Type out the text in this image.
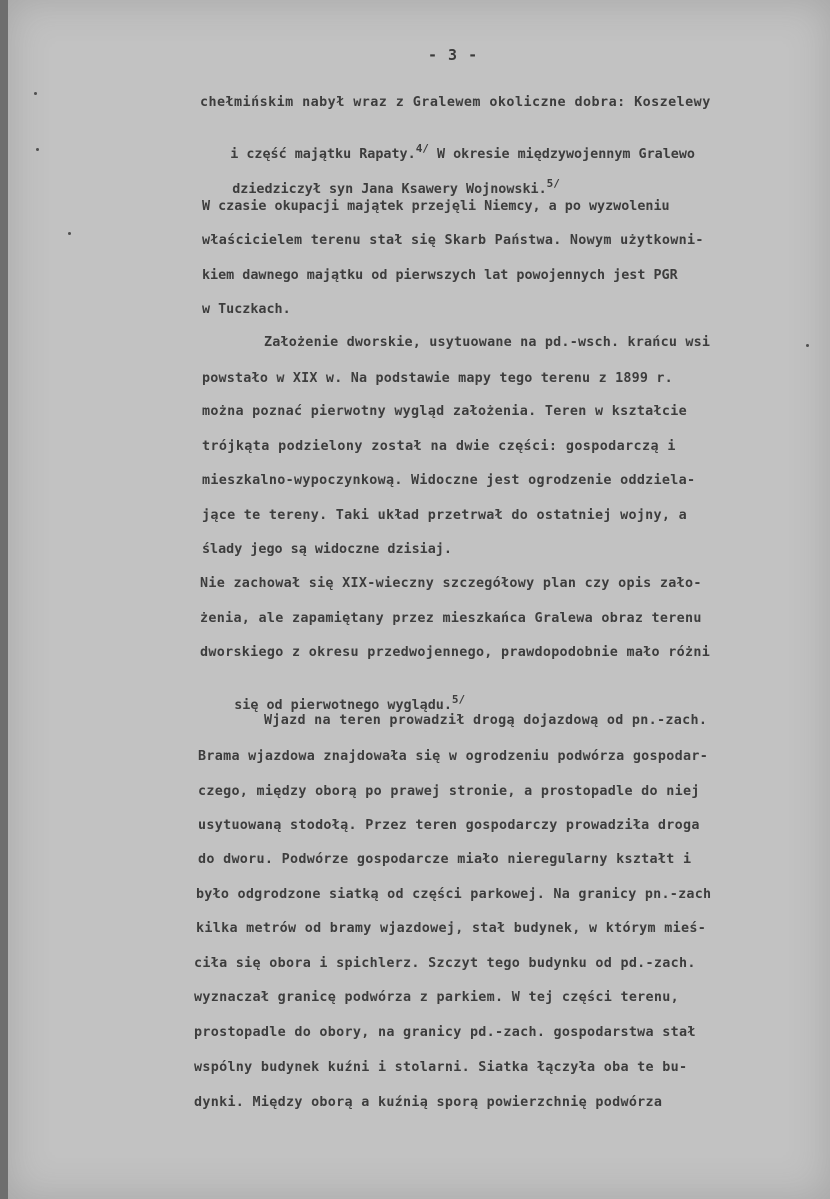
- 3 -
chełmińskim nabył wraz z Gralewem okoliczne dobra: Koszelewy

i część majątku Rapaty.$^{4/}$ W okresie międzywojennym Gralewo

dziedziczył syn Jana Ksawery Wojnowski.$^{5/}$

W czasie okupacji majątek przejęli Niemcy, a po wyzwoleniu
właścicielem terenu stał się Skarb Państwa. Nowym użytkowni-
kiem dawnego majątku od pierwszych lat powojennych jest PGR
w Tuczkach.
Założenie dworskie, usytuowane na pd.-wsch. krańcu wsi
powstało w XIX w. Na podstawie mapy tego terenu z 1899 r.
można poznać pierwotny wygląd założenia. Teren w kształcie
trójkąta podzielony został na dwie części: gospodarczą i
mieszkalno-wypoczynkową. Widoczne jest ogrodzenie oddziela-
jące te tereny. Taki układ przetrwał do ostatniej wojny, a
ślady jego są widoczne dzisiaj.
Nie zachował się XIX-wieczny szczegółowy plan czy opis zało-
żenia, ale zapamiętany przez mieszkańca Gralewa obraz terenu
dworskiego z okresu przedwojennego, prawdopodobnie mało różni

się od pierwotnego wyglądu.$^{5/}$

Wjazd na teren prowadził drogą dojazdową od pn.-zach.
Brama wjazdowa znajdowała się w ogrodzeniu podwórza gospodar-
czego, między oborą po prawej stronie, a prostopadle do niej
usytuowaną stodołą. Przez teren gospodarczy prowadziła droga
do dworu. Podwórze gospodarcze miało nieregularny kształt i
było odgrodzone siatką od części parkowej. Na granicy pn.-zach
kilka metrów od bramy wjazdowej, stał budynek, w którym mieś-
ciła się obora i spichlerz. Szczyt tego budynku od pd.-zach.
wyznaczał granicę podwórza z parkiem. W tej części terenu,
prostopadle do obory, na granicy pd.-zach. gospodarstwa stał
wspólny budynek kuźni i stolarni. Siatka łączyła oba te bu-
dynki. Między oborą a kuźnią sporą powierzchnię podwórza
